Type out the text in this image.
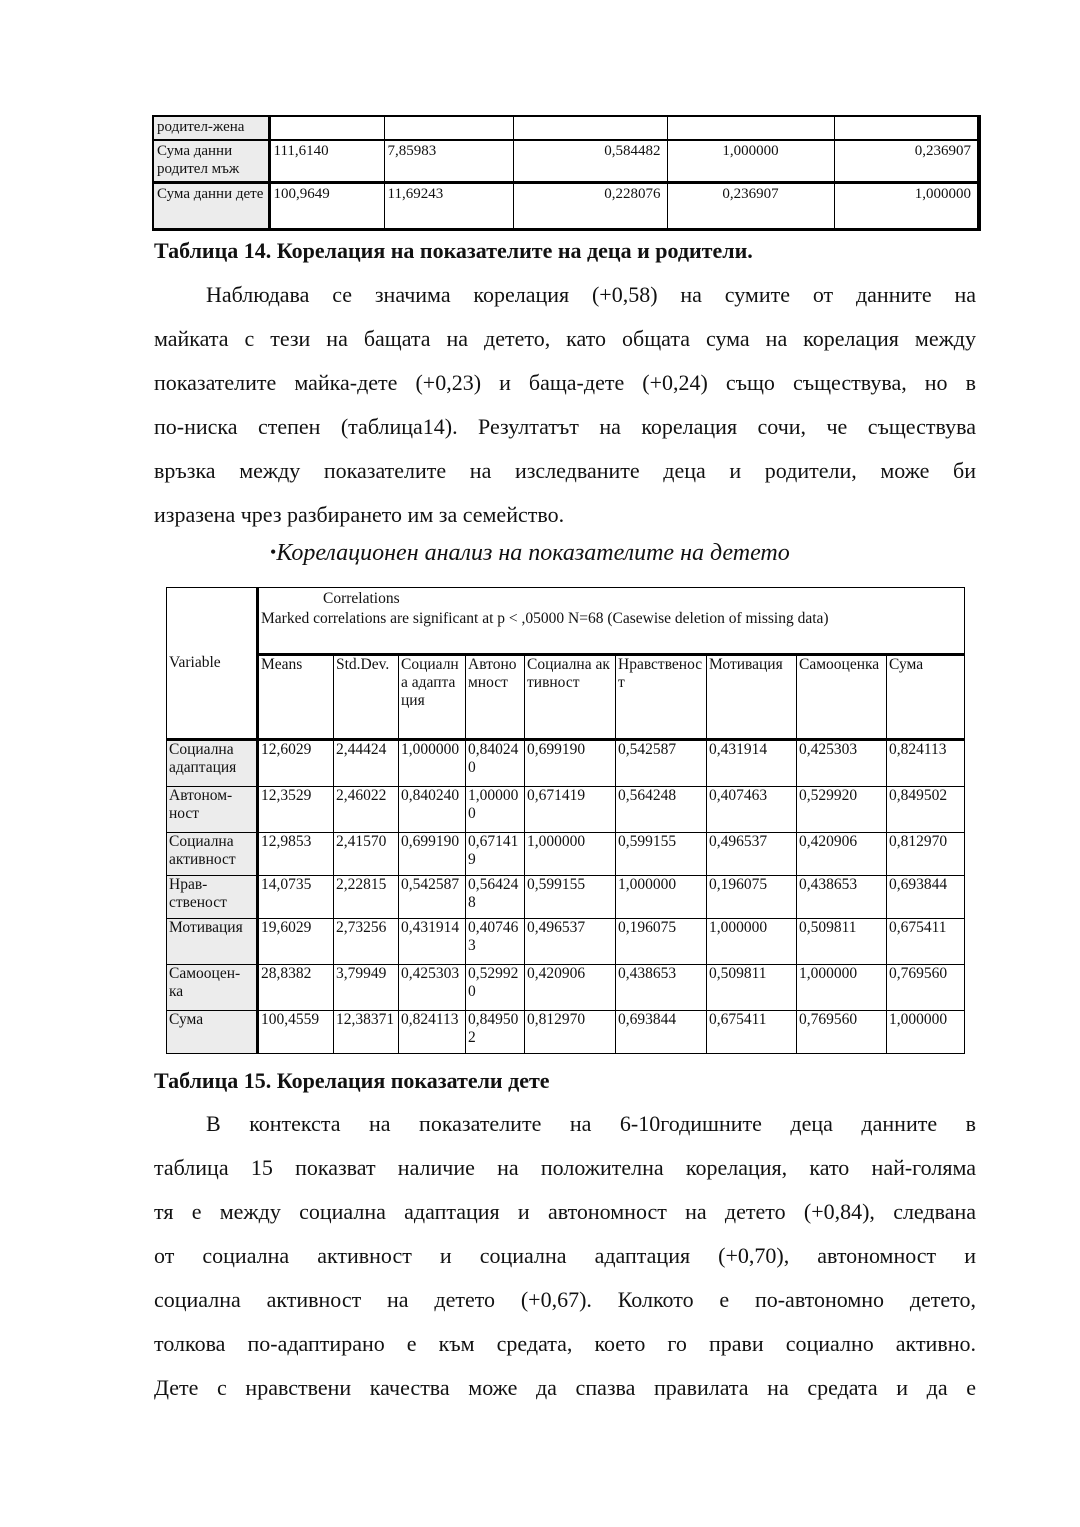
родител-жена					
Сума данни родител мъж	111,6140	7,85983	0,584482	1,000000	0,236907
Сума данни дете	100,9649	11,69243	0,228076	0,236907	1,000000

Таблица 14. Корелация на показателите на деца и родители.

Наблюдава се значима корелация (+0,58) на сумите от данните на
майката с тези на бащата на детето, като общата сума на корелация между
показателите майка-дете (+0,23) и баща-дете (+0,24) също съществува, но в
по-ниска степен (таблица14). Резултатът на корелация сочи, че съществува
връзка между показателите на изследваните деца и родители, може би
изразена чрез разбирането им за семейство.

•Корелационен анализ на показателите на детето

Variable	Correlations
Marked correlations are significant at p < ,05000 N=68 (Casewise deletion of missing data)								

	Means	Std.Dev.	Социална адаптация	Автономност	Социална активност	Нравственост	Мотивация	Самооценка	Сума
Социална адаптация	12,6029	2,44424	1,000000	0,840240	0,699190	0,542587	0,431914	0,425303	0,824113
Автоном-ност	12,3529	2,46022	0,840240	1,000000	0,671419	0,564248	0,407463	0,529920	0,849502
Социална активност	12,9853	2,41570	0,699190	0,671419	1,000000	0,599155	0,496537	0,420906	0,812970
Нрав-ственост	14,0735	2,22815	0,542587	0,564248	0,599155	1,000000	0,196075	0,438653	0,693844
Мотивация	19,6029	2,73256	0,431914	0,407463	0,496537	0,196075	1,000000	0,509811	0,675411
Самооцен-ка	28,8382	3,79949	0,425303	0,529920	0,420906	0,438653	0,509811	1,000000	0,769560
Сума	100,4559	12,38371	0,824113	0,849502	0,812970	0,693844	0,675411	0,769560	1,000000

Таблица 15. Корелация показатели дете

В контекста на показателите на 6-10годишните деца данните в
таблица 15 показват наличие на положителна корелация, като най-голяма
тя е между социална адаптация и автономност на детето (+0,84), следвана
от социална активност и социална адаптация (+0,70), автономност и
социална активност на детето (+0,67). Колкото е по-автономно детето,
толкова по-адаптирано е към средата, което го прави социално активно.
Дете с нравствени качества може да спазва правилата на средата и да е
